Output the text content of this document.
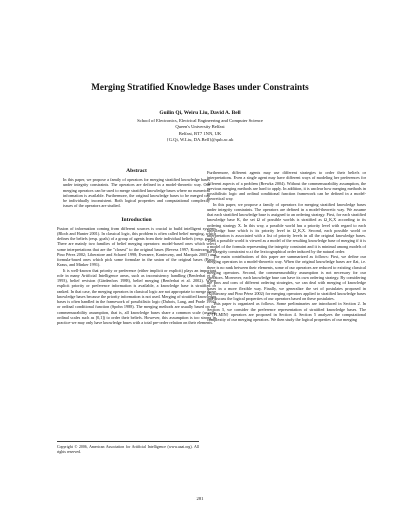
Merging Stratified Knowledge Bases under Constraints
Guilin Qi, Weiru Liu, David A. Bell
School of Electronics, Electrical Engineering and Computer Science
Queen's University Belfast
Belfast, BT7 1NN, UK
{G.Qi, W.Liu, DA.Bell}@qub.ac.uk
Abstract

In this paper, we propose a family of operators for merging stratified knowledge bases under integrity constraints. The operators are defined in a model-theoretic way. Our merging operators can be used to merge stratified knowledge bases where no numerical information is available. Furthermore, the original knowledge bases to be merged can be individually inconsistent. Both logical properties and computational complexity issues of the operators are studied.

Introduction

Fusion of information coming from different sources is crucial to build intelligent systems (Bloch and Hunter 2001). In classical logic, this problem is often called belief merging, which defines the beliefs (resp. goals) of a group of agents from their individual beliefs (resp. goals). There are mainly two families of belief merging operators: model-based ones which select some interpretations that are the "closest" to the original bases (Revesz 1997; Konieczny and Pino Pérez 2002; Liberatore and Schaerf 1998; Everaere, Konieczny, and Marquis 2005) and formula-based ones which pick some formulae in the union of the original bases (Baral, Kraus, and Minker 1991).

It is well-known that priority or preference (either implicit or explicit) plays an important role in many Artificial Intelligence areas, such as inconsistency handling (Benferhat et al. 1993), belief revision (Gärdenfors 1988), belief merging (Benferhat et al. 2002). When explicit priority or preference information is available, a knowledge base is stratified or ranked. In that case, the merging operators in classical logic are not appropriate to merge those knowledge bases because the priority information is not used. Merging of stratified knowledge bases is often handled in the framework of possibilistic logic (Dubois, Lang, and Prade 1994) or ordinal conditional function (Spohn 1988). The merging methods are usually based on the commensurability assumption, that is, all knowledge bases share a common scale (usually ordinal scales such as [0,1]) to order their beliefs. However, this assumption is too strong in practice-we may only have knowledge bases with a total pre-order relation on their elements.

Furthermore, different agents may use different strategies to order their beliefs or interpretations. Even a single agent may have different ways of modeling her preferences for different aspects of a problem (Brewka 2004). Without the commensurability assumption, the previous merging methods are hard to apply. In addition, it is unclear how merging methods in possibilistic logic and ordinal conditional function framework can be defined in a model-theoretical way.

In this paper, we propose a family of operators for merging stratified knowledge bases under integrity constraints. The operators are defined in a model-theoretic way. We assume that each stratified knowledge base is assigned to an ordering strategy. First, for each stratified knowledge base K, the set Ω of possible worlds is stratified as Ω_K,X according to its ordering strategy X. In this way, a possible world has a priority level with regard to each knowledge base which is its priority level in Ω_K,X. Second, each possible world or interpretation is associated with a list of priority levels in all the original knowledge bases. Then a possible world is viewed as a model of the resulting knowledge base of merging if it is a model of the formula representing the integrity constraint and it is minimal among models of the integrity constraint w.r.t the lexicographical order induced by the natural order.

The main contributions of this paper are summarized as follows: First, we define our merging operators in a model-theoretic way. When the original knowledge bases are flat, i.e. there is no rank between their elements, some of our operators are reduced to existing classical merging operators. Second, the commensurability assumption is not necessary for our operators. Moreover, each knowledge base can have its own ordering strategy. By considering the pros and cons of different ordering strategies, we can deal with merging of knowledge bases in a more flexible way. Finally, we generalize the set of postulates proposed in (Konieczny and Pino Pérez 2002) for merging operators applied to stratified knowledge bases and discuss the logical properties of our operators based on these postulates.

This paper is organized as follows. Some preliminaries are introduced in Section 2. In Section 3, we consider the preference representation of stratified knowledge bases. The Δ^{PLMIN} operators are proposed in Section 4. Section 5 analyzes the computational complexity of our merging operators. We then study the logical properties of our merging

Copyright © 2006, American Association for Artificial Intelligence (www.aaai.org). All rights reserved.
281
